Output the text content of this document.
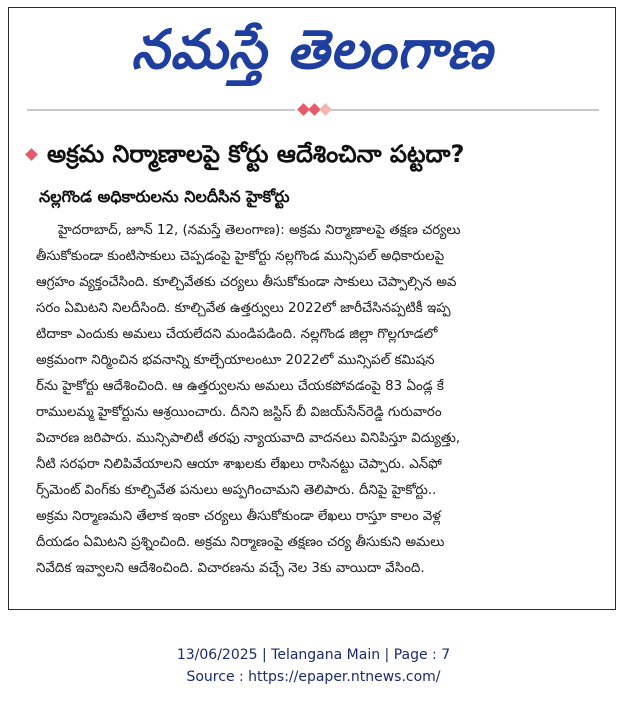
నమస్తే తెలంగాణ
అక్రమ నిర్మాణాలపై కోర్టు ఆదేశించినా పట్టదా?
నల్లగొండ అధికారులను నిలదీసిన హైకోర్టు
హైదరాబాద్, జూన్ 12, (నమస్తే తెలంగాణ): అక్రమ నిర్మాణాలపై తక్షణ చర్యలు
తీసుకోకుండా కుంటిసాకులు చెప్పడంపై హైకోర్టు నల్లగొండ మున్సిపల్ అధికారులపై
ఆగ్రహం వ్యక్తంచేసింది. కూల్చివేతకు చర్యలు తీసుకోకుండా సాకులు చెప్పాల్సిన అవ
సరం ఏమిటని నిలదీసింది. కూల్చివేత ఉత్తర్వులు 2022లో జారీచేసినప్పటికీ ఇప్ప
టిదాకా ఎందుకు అమలు చేయలేదని మండిపడింది. నల్లగొండ జిల్లా గొల్లగూడలో
అక్రమంగా నిర్మించిన భవనాన్ని కూల్చేయాలంటూ 2022లో మున్సిపల్ కమిషన
ర్‌ను హైకోర్టు ఆదేశించింది. ఆ ఉత్తర్వులను అమలు చేయకపోవడంపై 83 ఏండ్ల కే
రాములమ్మ హైకోర్టును ఆశ్రయించారు. దీనిని జస్టిస్ బీ విజయ్‌సేన్‌రెడ్డి గురువారం
విచారణ జరిపారు. మున్సిపాలిటీ తరఫు న్యాయవాది వాదనలు వినిపిస్తూ విద్యుత్తు,
నీటి సరఫరా నిలిపివేయాలని ఆయా శాఖలకు లేఖలు రాసినట్టు చెప్పారు. ఎన్‌ఫో
ర్స్‌మెంట్ వింగ్‌కు కూల్చివేత పనులు అప్పగించామని తెలిపారు. దీనిపై హైకోర్టు..
అక్రమ నిర్మాణమని తేలాక ఇంకా చర్యలు తీసుకోకుండా లేఖలు రాస్తూ కాలం వెళ్ల
దీయడం ఏమిటని ప్రశ్నించింది. అక్రమ నిర్మాణంపై తక్షణం చర్య తీసుకుని అమలు
నివేదిక ఇవ్వాలని ఆదేశించింది. విచారణను వచ్చే నెల 3కు వాయిదా వేసింది.
13/06/2025 | Telangana Main | Page : 7
Source : https://epaper.ntnews.com/
